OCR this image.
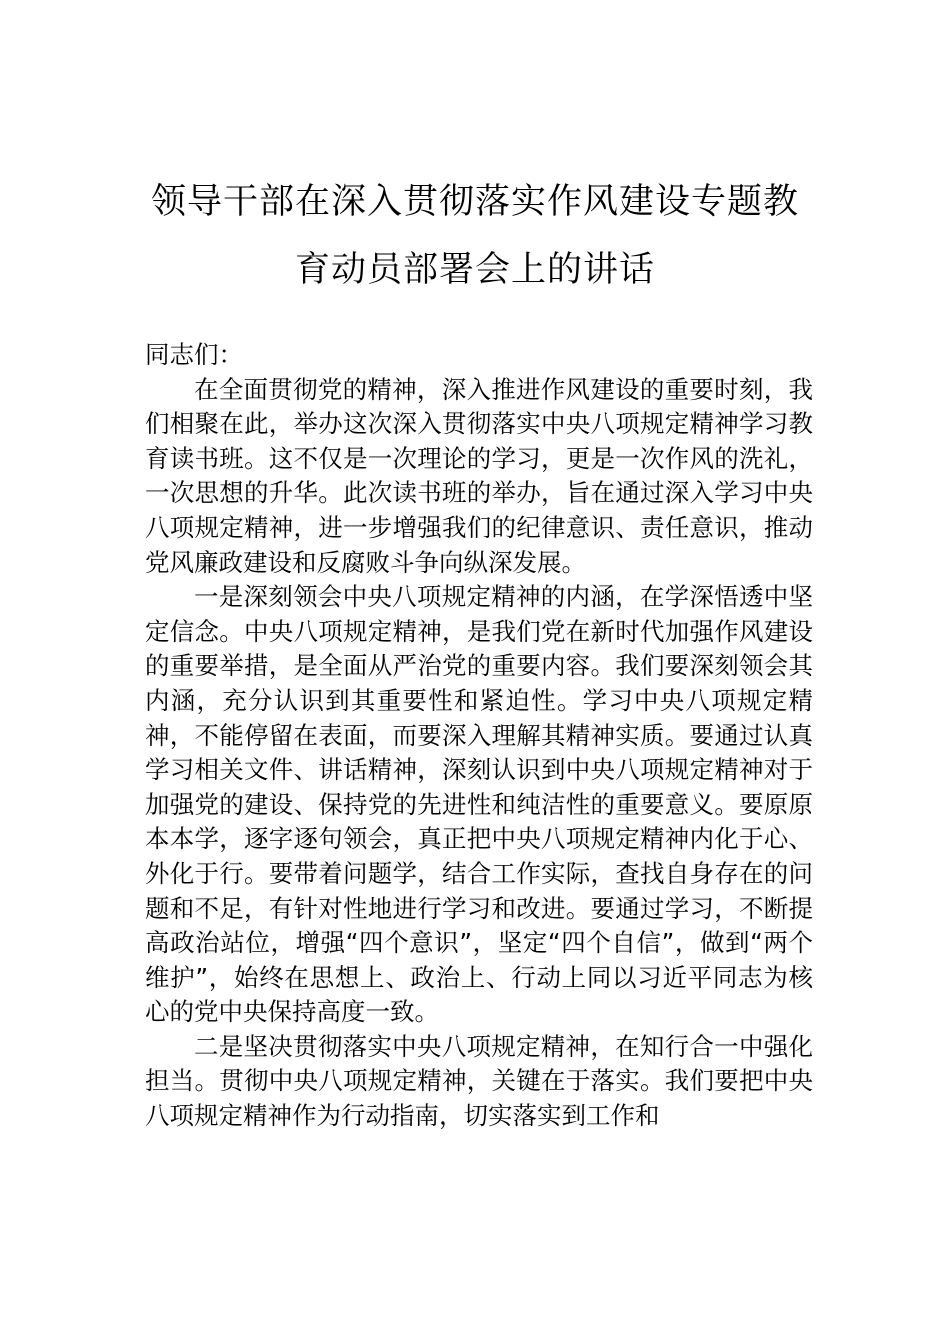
领导干部在深入贯彻落实作风建设专题教
育动员部署会上的讲话

同志们：

在全面贯彻党的精神，深入推进作风建设的重要时刻，我们相聚在此，举办这次深入贯彻落实中央八项规定精神学习教育读书班。这不仅是一次理论的学习，更是一次作风的洗礼，一次思想的升华。此次读书班的举办，旨在通过深入学习中央八项规定精神，进一步增强我们的纪律意识、责任意识，推动党风廉政建设和反腐败斗争向纵深发展。

一是深刻领会中央八项规定精神的内涵，在学深悟透中坚定信念。中央八项规定精神，是我们党在新时代加强作风建设的重要举措，是全面从严治党的重要内容。我们要深刻领会其内涵，充分认识到其重要性和紧迫性。学习中央八项规定精神，不能停留在表面，而要深入理解其精神实质。要通过认真学习相关文件、讲话精神，深刻认识到中央八项规定精神对于加强党的建设、保持党的先进性和纯洁性的重要意义。要原原本本学，逐字逐句领会，真正把中央八项规定精神内化于心、外化于行。要带着问题学，结合工作实际，查找自身存在的问题和不足，有针对性地进行学习和改进。要通过学习，不断提高政治站位，增强“四个意识”，坚定“四个自信”，做到“两个维护”，始终在思想上、政治上、行动上同以习近平同志为核心的党中央保持高度一致。

二是坚决贯彻落实中央八项规定精神，在知行合一中强化担当。贯彻中央八项规定精神，关键在于落实。我们要把中央八项规定精神作为行动指南，切实落实到工作和
